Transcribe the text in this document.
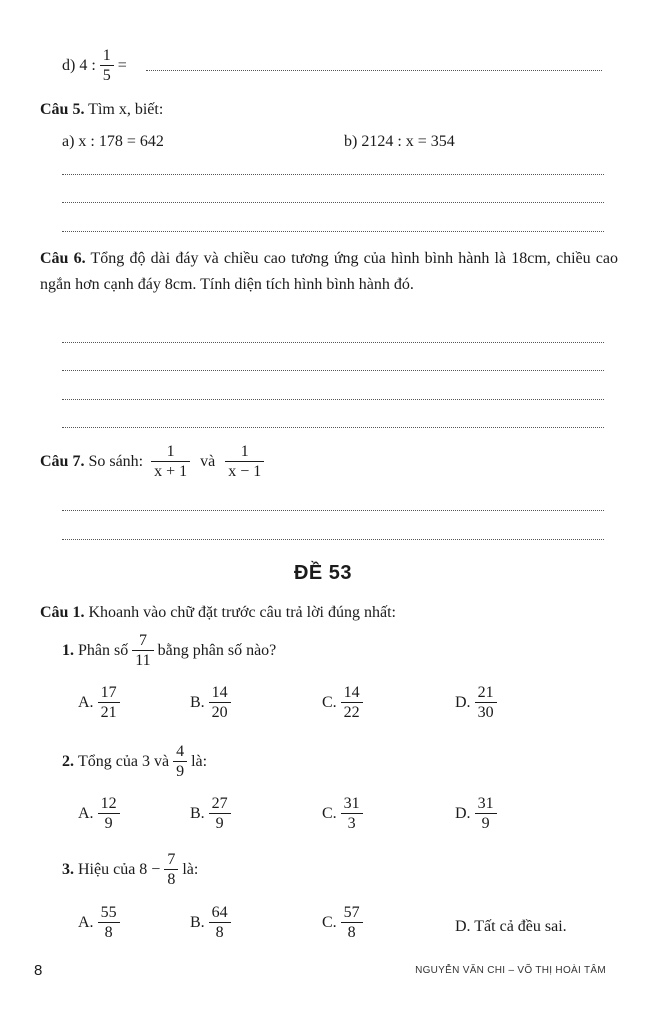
d) 4 : $\frac{1}{5}$ =
Câu 5. Tìm x, biết:
a) x : 178 = 642	b) 2124 : x = 354
Câu 6. Tổng độ dài đáy và chiều cao tương ứng của hình bình hành là 18cm, chiều cao ngắn hơn cạnh đáy 8cm. Tính diện tích hình bình hành đó.
Câu 7.
So sánh: $\frac{1}{x + 1}$ và $\frac{1}{x - 1}$
ĐỀ 53
Câu 1. Khoanh vào chữ đặt trước câu trả lời đúng nhất:
1.
Phân số $\frac{7}{11}$ bằng phân số nào?
A. $\frac{17}{21}$	B. $\frac{14}{20}$	C. $\frac{14}{22}$	D. $\frac{21}{30}$
2.
Tổng của 3 và $\frac{4}{9}$ là:
A. $\frac{12}{9}$	B. $\frac{27}{9}$	C. $\frac{31}{3}$	D. $\frac{31}{9}$
3.
Hiệu của $8 - \frac{7}{8}$ là:
A. $\frac{55}{8}$	B. $\frac{64}{8}$	C. $\frac{57}{8}$	D. Tất cả đều sai.
8	NGUYỄN VĂN CHI – VÕ THỊ HOÀI TÂM
